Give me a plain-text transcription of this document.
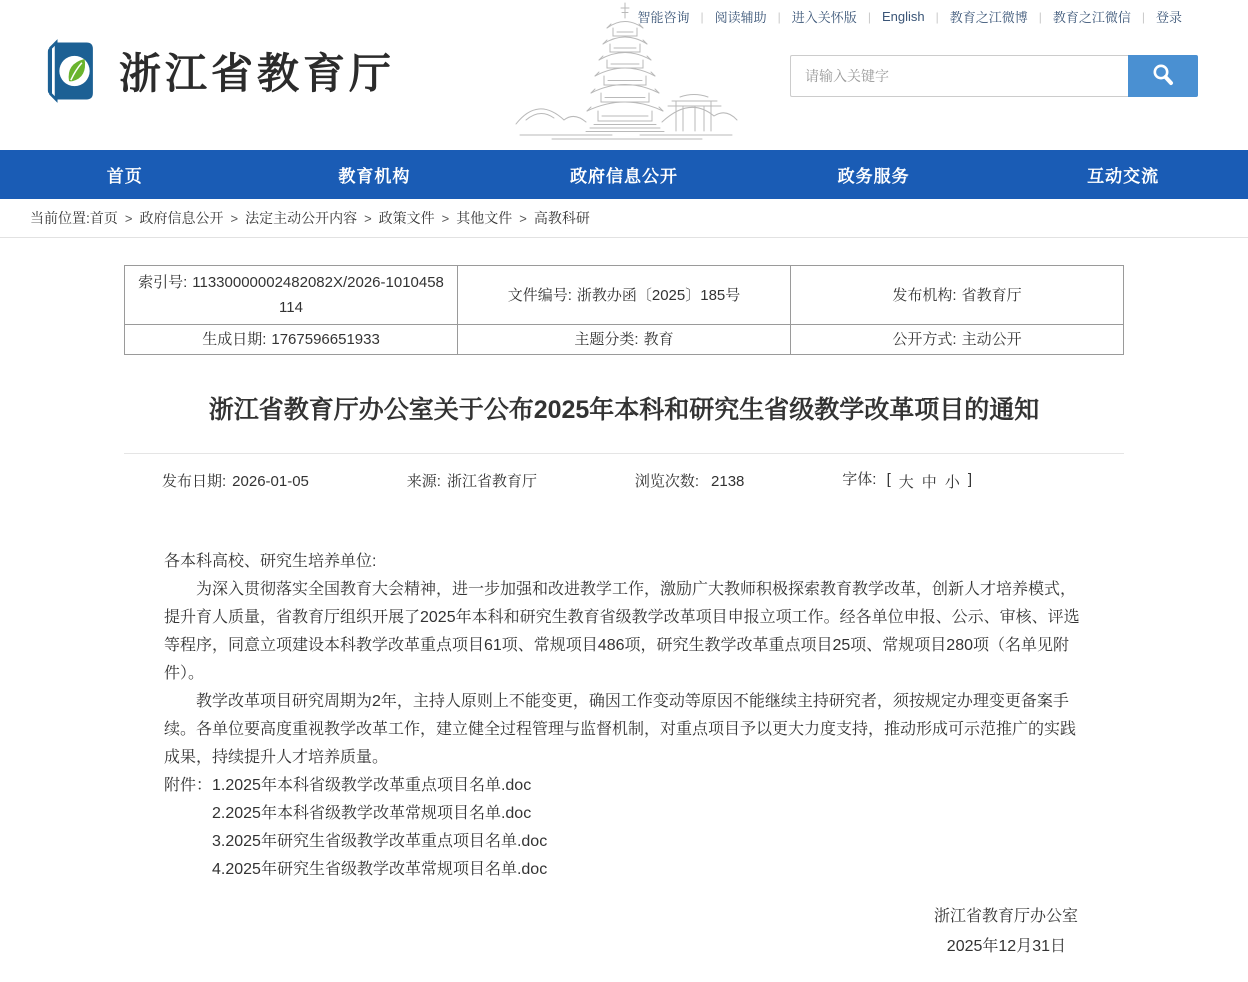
智能咨询 | 阅读辅助 | 进入关怀版 | English | 教育之江微博 | 教育之江微信 | 登录
浙江省教育厅
请输入关键字
首页	教育机构	政府信息公开	政务服务	互动交流
当前位置: 首页 > 政府信息公开 > 法定主动公开内容 > 政策文件 > 其他文件 > 高教科研
索引号: 11330000002482082X/2026-1010458114	文件编号: 浙教办函〔2025〕185号	发布机构: 省教育厅
生成日期: 1767596651933	主题分类: 教育	公开方式: 主动公开
浙江省教育厅办公室关于公布2025年本科和研究生省级教学改革项目的通知
发布日期: 2026-01-05	来源: 浙江省教育厅	浏览次数: 2138	字体: [ 大 中 小 ]

各本科高校、研究生培养单位:

为深入贯彻落实全国教育大会精神，进一步加强和改进教学工作，激励广大教师积极探索教育教学改革，创新人才培养模式，提升育人质量，省教育厅组织开展了2025年本科和研究生教育省级教学改革项目申报立项工作。经各单位申报、公示、审核、评选等程序，同意立项建设本科教学改革重点项目61项、常规项目486项，研究生教学改革重点项目25项、常规项目280项（名单见附件）。

教学改革项目研究周期为2年，主持人原则上不能变更，确因工作变动等原因不能继续主持研究者，须按规定办理变更备案手续。各单位要高度重视教学改革工作，建立健全过程管理与监督机制，对重点项目予以更大力度支持，推动形成可示范推广的实践成果，持续提升人才培养质量。

附件： 1.2025年本科省级教学改革重点项目名单.doc
2.2025年本科省级教学改革常规项目名单.doc
3.2025年研究生省级教学改革重点项目名单.doc
4.2025年研究生省级教学改革常规项目名单.doc
浙江省教育厅办公室
2025年12月31日
